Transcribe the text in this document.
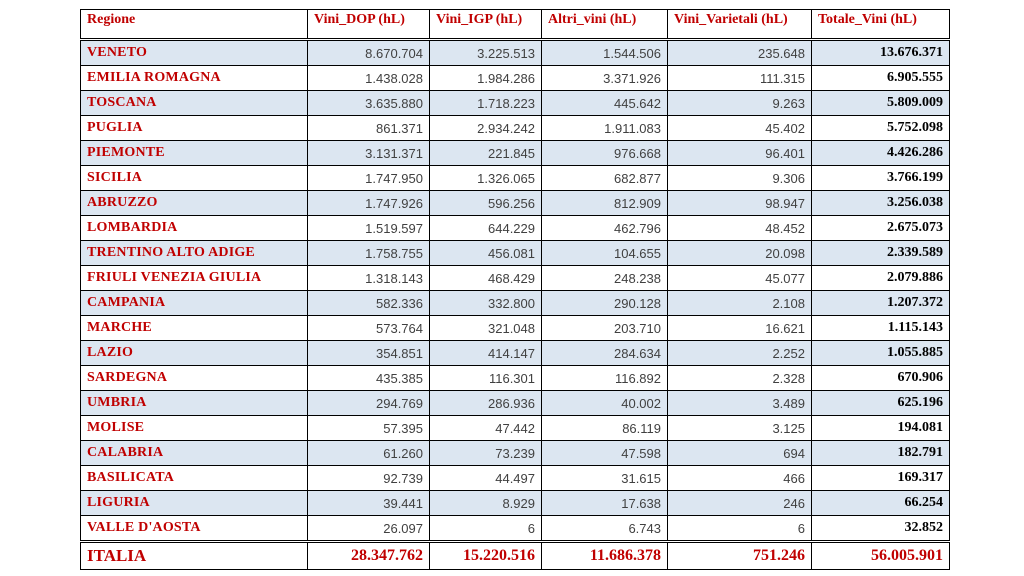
Regione	Vini_DOP (hL)	Vini_IGP (hL)	Altri_vini (hL)	Vini_Varietali (hL)	Totale_Vini (hL)
VENETO	8.670.704	3.225.513	1.544.506	235.648	13.676.371
EMILIA ROMAGNA	1.438.028	1.984.286	3.371.926	111.315	6.905.555
TOSCANA	3.635.880	1.718.223	445.642	9.263	5.809.009
PUGLIA	861.371	2.934.242	1.911.083	45.402	5.752.098
PIEMONTE	3.131.371	221.845	976.668	96.401	4.426.286
SICILIA	1.747.950	1.326.065	682.877	9.306	3.766.199
ABRUZZO	1.747.926	596.256	812.909	98.947	3.256.038
LOMBARDIA	1.519.597	644.229	462.796	48.452	2.675.073
TRENTINO ALTO ADIGE	1.758.755	456.081	104.655	20.098	2.339.589
FRIULI VENEZIA GIULIA	1.318.143	468.429	248.238	45.077	2.079.886
CAMPANIA	582.336	332.800	290.128	2.108	1.207.372
MARCHE	573.764	321.048	203.710	16.621	1.115.143
LAZIO	354.851	414.147	284.634	2.252	1.055.885
SARDEGNA	435.385	116.301	116.892	2.328	670.906
UMBRIA	294.769	286.936	40.002	3.489	625.196
MOLISE	57.395	47.442	86.119	3.125	194.081
CALABRIA	61.260	73.239	47.598	694	182.791
BASILICATA	92.739	44.497	31.615	466	169.317
LIGURIA	39.441	8.929	17.638	246	66.254
VALLE D'AOSTA	26.097	6	6.743	6	32.852
ITALIA	28.347.762	15.220.516	11.686.378	751.246	56.005.901
